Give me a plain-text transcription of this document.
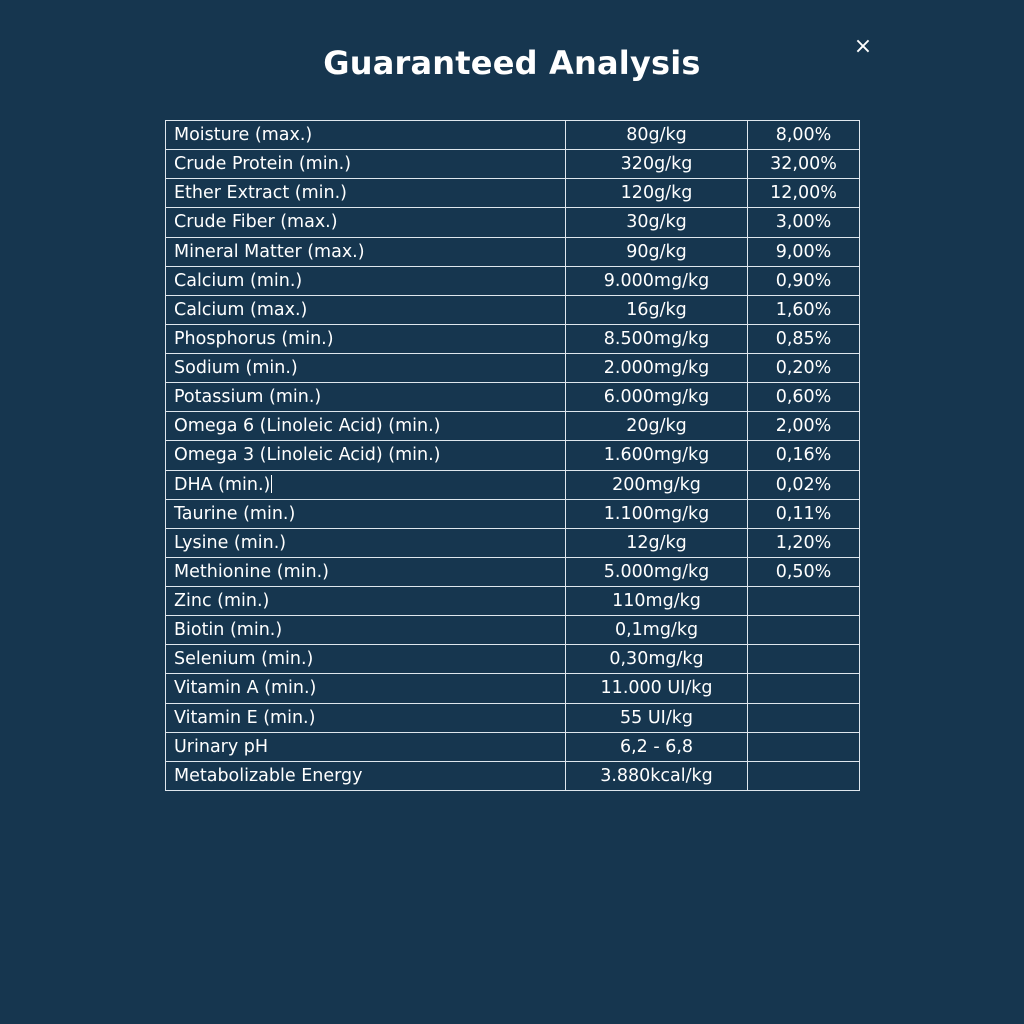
×
Guaranteed Analysis
Moisture (max.)	80g/kg	8,00%
Crude Protein (min.)	320g/kg	32,00%
Ether Extract (min.)	120g/kg	12,00%
Crude Fiber (max.)	30g/kg	3,00%
Mineral Matter (max.)	90g/kg	9,00%
Calcium (min.)	9.000mg/kg	0,90%
Calcium (max.)	16g/kg	1,60%
Phosphorus (min.)	8.500mg/kg	0,85%
Sodium (min.)	2.000mg/kg	0,20%
Potassium (min.)	6.000mg/kg	0,60%
Omega 6 (Linoleic Acid) (min.)	20g/kg	2,00%
Omega 3 (Linoleic Acid) (min.)	1.600mg/kg	0,16%
DHA (min.)	200mg/kg	0,02%
Taurine (min.)	1.100mg/kg	0,11%
Lysine (min.)	12g/kg	1,20%
Methionine (min.)	5.000mg/kg	0,50%
Zinc (min.)	110mg/kg	
Biotin (min.)	0,1mg/kg	
Selenium (min.)	0,30mg/kg	
Vitamin A (min.)	11.000 UI/kg	
Vitamin E (min.)	55 UI/kg	
Urinary pH	6,2 - 6,8	
Metabolizable Energy	3.880kcal/kg	
